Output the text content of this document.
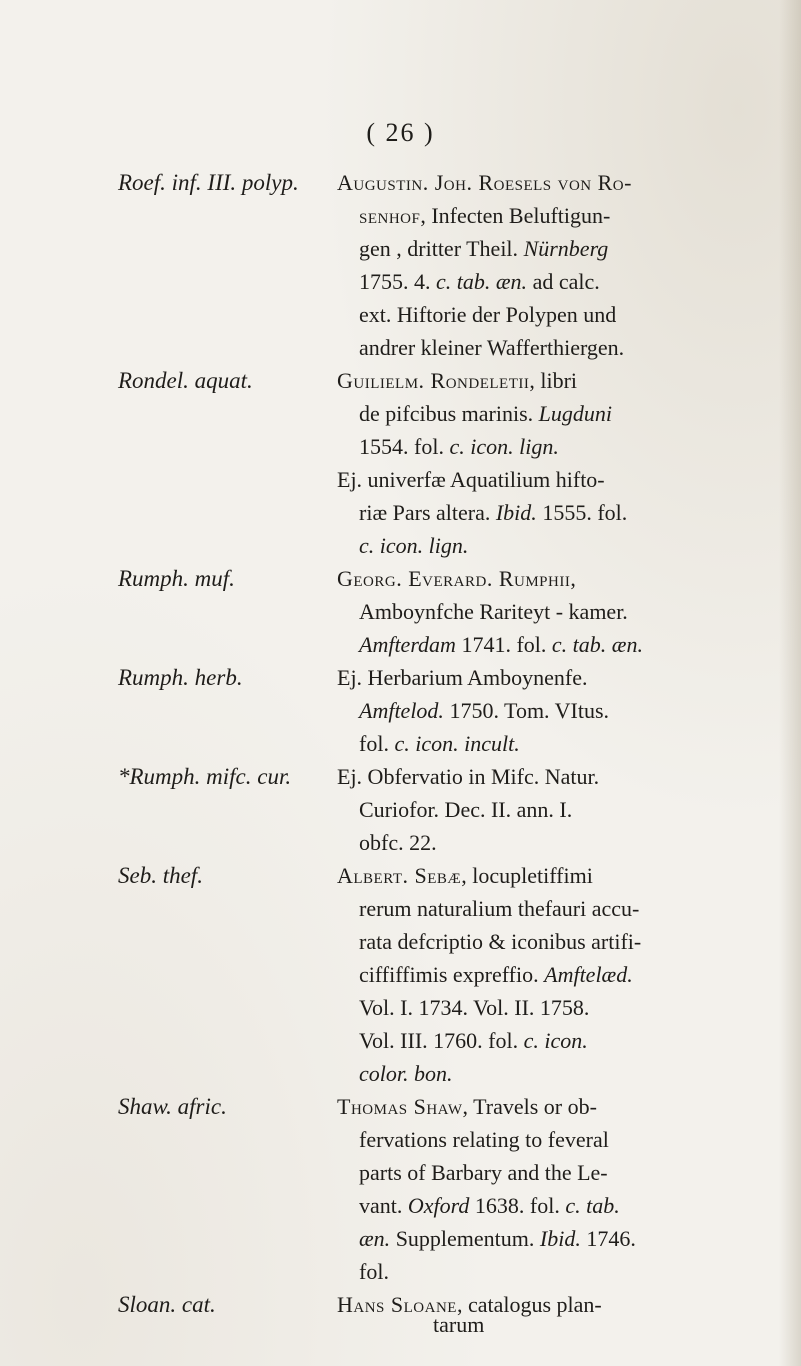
( 26 )
Roef. inf. III. polyp.	Augustin. Joh. Roesels von Ro-
senhof, Infecten Beluftigun-
gen , dritter Theil. Nürnberg
1755. 4. c. tab. æn. ad calc.
ext. Hiftorie der Polypen und
andrer kleiner Wafferthiergen.
Rondel. aquat.	Guilielm. Rondeletii, libri
de pifcibus marinis. Lugduni
1554. fol. c. icon. lign.
Ej. univerfæ Aquatilium hifto-
riæ Pars altera. Ibid. 1555. fol.
c. icon. lign.
Rumph. muf.	Georg. Everard. Rumphii,
Amboynfche Rariteyt - kamer.
Amfterdam 1741. fol. c. tab. æn.
Rumph. herb.	Ej. Herbarium Amboynenfe.
Amftelod. 1750. Tom. VItus.
fol. c. icon. incult.
*Rumph. mifc. cur.	Ej. Obfervatio in Mifc. Natur.
Curiofor. Dec. II. ann. I.
obfc. 22.
Seb. thef.	Albert. Sebæ, locupletiffimi
rerum naturalium thefauri accu-
rata defcriptio & iconibus artifi-
ciffiffimis expreffio. Amftelæd.
Vol. I. 1734. Vol. II. 1758.
Vol. III. 1760. fol. c. icon.
color. bon.
Shaw. afric.	Thomas Shaw, Travels or ob-
fervations relating to feveral
parts of Barbary and the Le-
vant. Oxford 1638. fol. c. tab.
æn. Supplementum. Ibid. 1746.
fol.
Sloan. cat.	Hans Sloane, catalogus plan-
tarum
